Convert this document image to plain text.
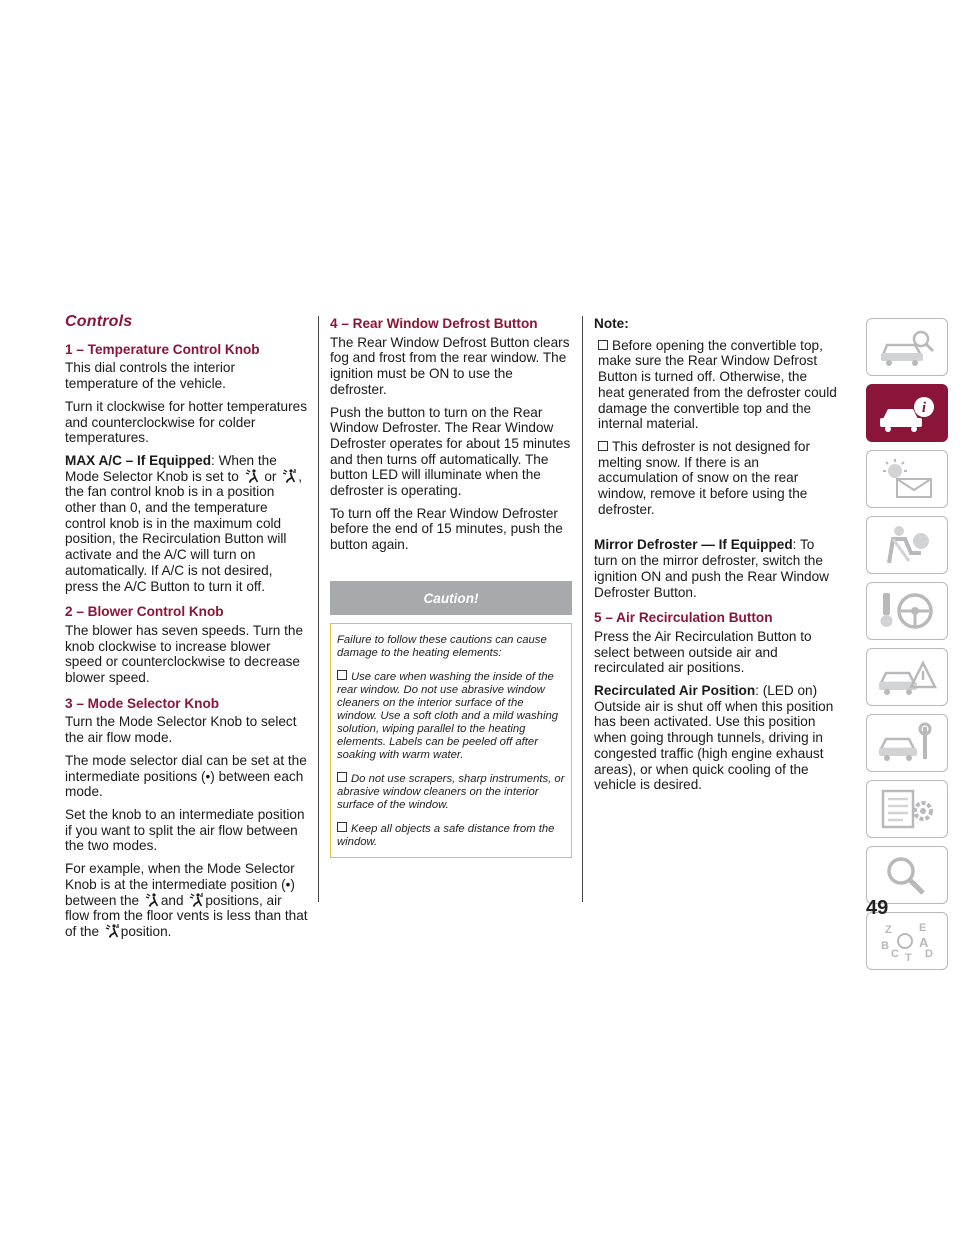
Controls
1 – Temperature Control Knob

This dial controls the interior temperature of the vehicle.

Turn it clockwise for hotter temperatures and counterclockwise for colder temperatures.

MAX A/C – If Equipped: When the Mode Selector Knob is set to or , the fan control knob is in a position other than 0, and the temperature control knob is in the maximum cold position, the Recirculation Button will activate and the A/C will turn on automatically. If A/C is not desired, press the A/C Button to turn it off.

2 – Blower Control Knob

The blower has seven speeds. Turn the knob clockwise to increase blower speed or counterclockwise to decrease blower speed.

3 – Mode Selector Knob

Turn the Mode Selector Knob to select the air flow mode.

The mode selector dial can be set at the intermediate positions (•) between each mode.

Set the knob to an intermediate position if you want to split the air flow between the two modes.

For example, when the Mode Selector Knob is at the intermediate position (•) between the and positions, air flow from the floor vents is less than that of the position.

4 – Rear Window Defrost Button

The Rear Window Defrost Button clears fog and frost from the rear window. The ignition must be ON to use the defroster.

Push the button to turn on the Rear Window Defroster. The Rear Window Defroster operates for about 15 minutes and then turns off automatically. The button LED will illuminate when the defroster is operating.

To turn off the Rear Window Defroster before the end of 15 minutes, push the button again.

Caution!

Failure to follow these cautions can cause damage to the heating elements:

Use care when washing the inside of the rear window. Do not use abrasive window cleaners on the interior surface of the window. Use a soft cloth and a mild washing solution, wiping parallel to the heating elements. Labels can be peeled off after soaking with warm water.

Do not use scrapers, sharp instruments, or abrasive window cleaners on the interior surface of the window.

Keep all objects a safe distance from the window.

Note:

Before opening the convertible top, make sure the Rear Window Defrost Button is turned off. Otherwise, the heat generated from the defroster could damage the convertible top and the internal material.

This defroster is not designed for melting snow. If there is an accumulation of snow on the rear window, remove it before using the defroster.

Mirror Defroster — If Equipped: To turn on the mirror defroster, switch the ignition ON and push the Rear Window Defroster Button.

5 – Air Recirculation Button

Press the Air Recirculation Button to select between outside air and recirculated air positions.

Recirculated Air Position: (LED on) Outside air is shut off when this position has been activated. Use this position when going through tunnels, driving in congested traffic (high engine exhaust areas), or when quick cooling of the vehicle is desired.

i
Z E
B A
C T D
49
